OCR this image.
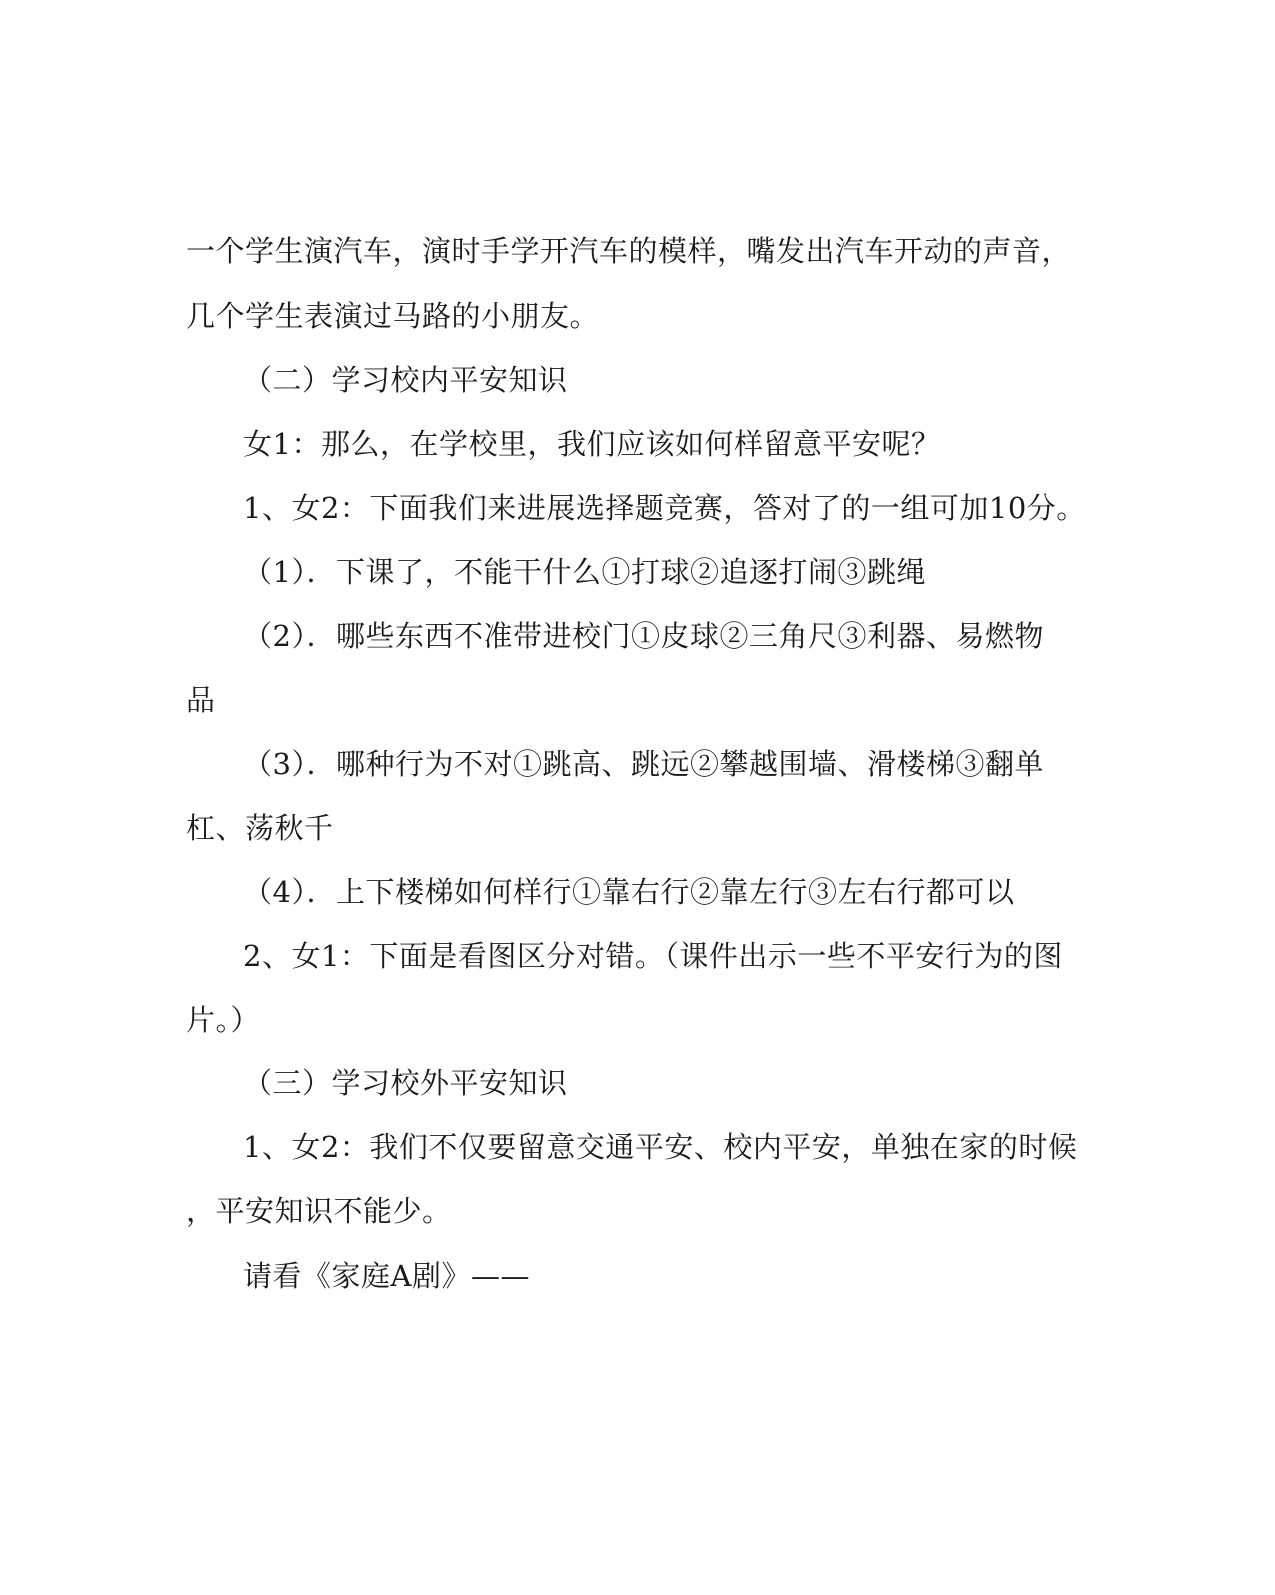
一个学生演汽车，演时手学开汽车的模样，嘴发出汽车开动的声音，
几个学生表演过马路的小朋友。
（二）学习校内平安知识
女1：那么，在学校里，我们应该如何样留意平安呢？
1、女2：下面我们来进展选择题竞赛，答对了的一组可加10分。
（1）．下课了，不能干什么①打球②追逐打闹③跳绳
（2）．哪些东西不准带进校门①皮球②三角尺③利器、易燃物
品
（3）．哪种行为不对①跳高、跳远②攀越围墙、滑楼梯③翻单
杠、荡秋千
（4）．上下楼梯如何样行①靠右行②靠左行③左右行都可以
2、女1：下面是看图区分对错。（课件出示一些不平安行为的图
片。）
（三）学习校外平安知识
1、女2：我们不仅要留意交通平安、校内平安，单独在家的时候
，平安知识不能少。
请看《家庭A剧》——
